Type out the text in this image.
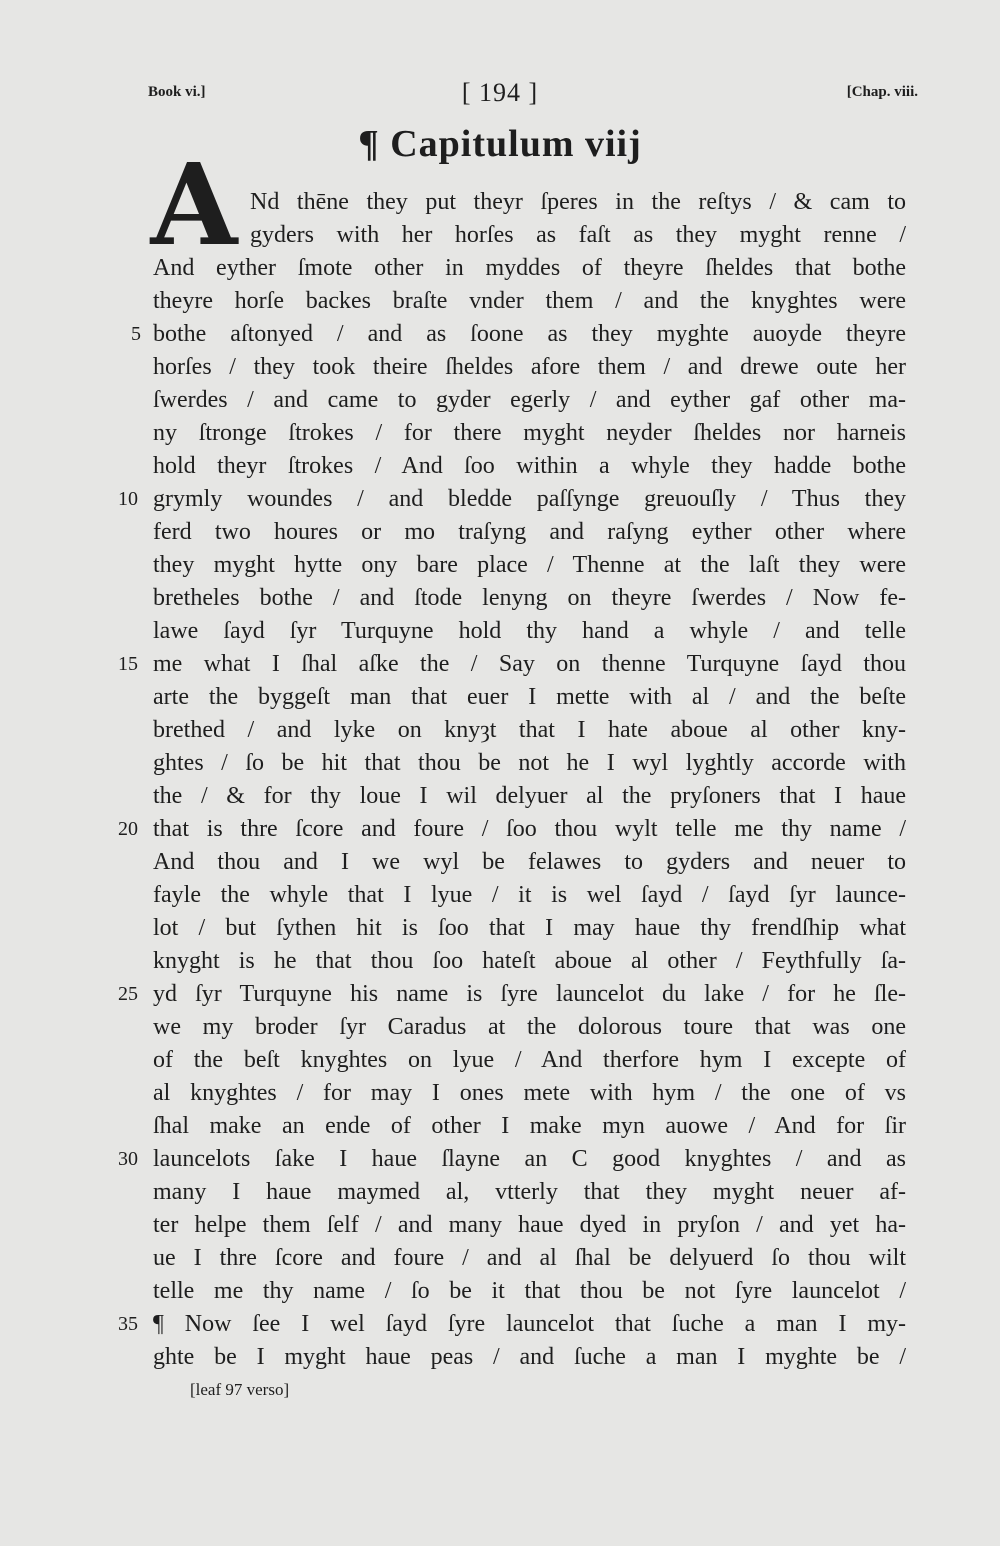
Book vi.]	[ 194 ]	[Chap. viii.
¶ Capitulum viij
A Nd thēne they put theyr ſperes in the reſtys / & cam to
gyders with her horſes as faſt as they myght renne /
And eyther ſmote other in myddes of theyre ſheldes that bothe
theyre horſe backes braſte vnder them / and the knyghtes were
bothe aſtonyed / and as ſoone as they myghte auoyde theyre
horſes / they took theire ſheldes afore them / and drewe oute her
ſwerdes / and came to gyder egerly / and eyther gaf other ma-
ny ſtronge ſtrokes / for there myght neyder ſheldes nor harneis
hold theyr ſtrokes / And ſoo within a whyle they hadde bothe
grymly woundes / and bledde paſſynge greuouſly / Thus they
ferd two houres or mo traſyng and raſyng eyther other where
they myght hytte ony bare place / Thenne at the laſt they were
bretheles bothe / and ſtode lenyng on theyre ſwerdes / Now fe-
lawe ſayd ſyr Turquyne hold thy hand a whyle / and telle
me what I ſhal aſke the / Say on thenne Turquyne ſayd thou
arte the byggeſt man that euer I mette with al / and the beſte
brethed / and lyke on knyȝt that I hate aboue al other kny-
ghtes / ſo be hit that thou be not he I wyl lyghtly accorde with
the / & for thy loue I wil delyuer al the pryſoners that I haue
that is thre ſcore and foure / ſoo thou wylt telle me thy name /
And thou and I we wyl be felawes to gyders and neuer to
fayle the whyle that I lyue / it is wel ſayd / ſayd ſyr launce-
lot / but ſythen hit is ſoo that I may haue thy frendſhip what
knyght is he that thou ſoo hateſt aboue al other / Feythfully ſa-
yd ſyr Turquyne his name is ſyre launcelot du lake / for he ſle-
we my broder ſyr Caradus at the dolorous toure that was one
of the beſt knyghtes on lyue / And therfore hym I excepte of
al knyghtes / for may I ones mete with hym / the one of vs
ſhal make an ende of other I make myn auowe / And for ſir
launcelots ſake I haue ſlayne an C good knyghtes / and as
many I haue maymed al, vtterly that they myght neuer af-
ter helpe them ſelf / and many haue dyed in pryſon / and yet ha-
ue I thre ſcore and foure / and al ſhal be delyuerd ſo thou wilt
telle me thy name / ſo be it that thou be not ſyre launcelot /
¶ Now ſee I wel ſayd ſyre launcelot that ſuche a man I my-
ghte be I myght haue peas / and ſuche a man I myghte be /
5
10
15
20
25
30
35
[leaf 97 verso]
